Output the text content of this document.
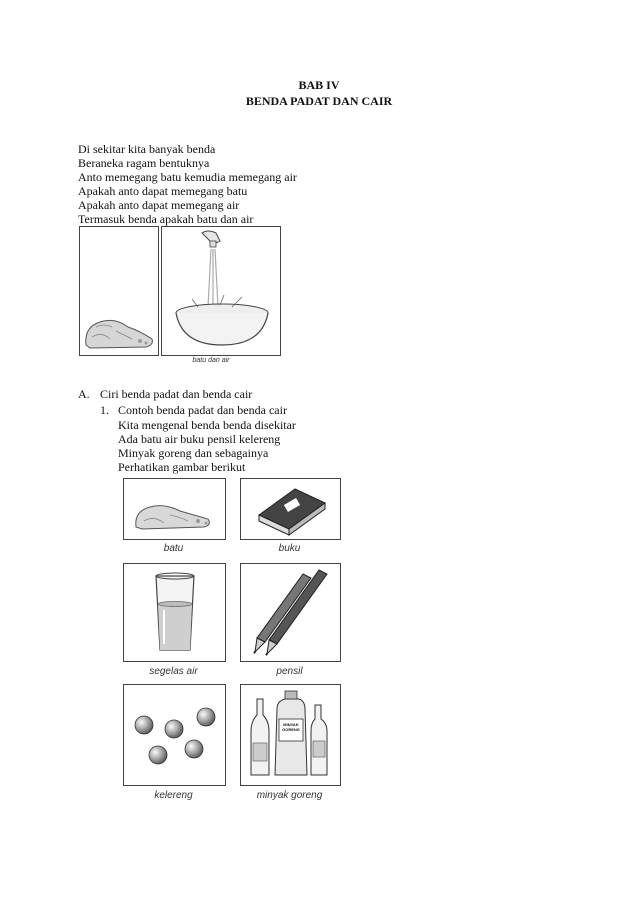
BAB IV
BENDA PADAT DAN CAIR
Di sekitar kita banyak benda
Beraneka ragam bentuknya
Anto memegang batu kemudia memegang air
Apakah anto dapat memegang batu
Apakah anto dapat memegang air
Termasuk benda apakah batu dan air
batu dan air
A. Ciri benda padat dan benda cair
1. Contoh benda padat dan benda cair
Kita mengenal benda benda disekitar
Ada batu air buku pensil kelereng
Minyak goreng dan sebagainya
Perhatikan gambar berikut
batu	buku
segelas air	pensil
MINYAK GORENG
kelereng	minyak goreng
